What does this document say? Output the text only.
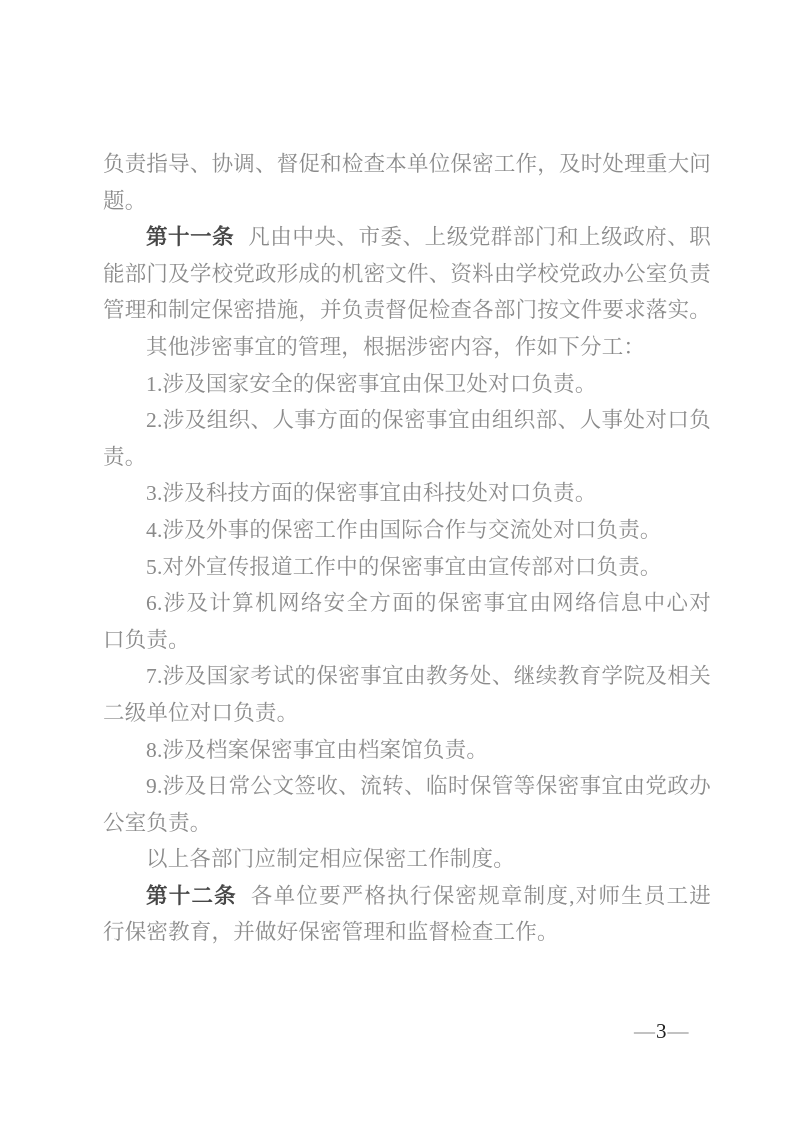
负责指导、协调、督促和检查本单位保密工作，及时处理重大问
题。
第十一条 凡由中央、市委、上级党群部门和上级政府、职
能部门及学校党政形成的机密文件、资料由学校党政办公室负责
管理和制定保密措施，并负责督促检查各部门按文件要求落实。
其他涉密事宜的管理，根据涉密内容，作如下分工：
1.涉及国家安全的保密事宜由保卫处对口负责。
2.涉及组织、人事方面的保密事宜由组织部、人事处对口负
责。
3.涉及科技方面的保密事宜由科技处对口负责。
4.涉及外事的保密工作由国际合作与交流处对口负责。
5.对外宣传报道工作中的保密事宜由宣传部对口负责。
6.涉及计算机网络安全方面的保密事宜由网络信息中心对
口负责。
7.涉及国家考试的保密事宜由教务处、继续教育学院及相关
二级单位对口负责。
8.涉及档案保密事宜由档案馆负责。
9.涉及日常公文签收、流转、临时保管等保密事宜由党政办
公室负责。
以上各部门应制定相应保密工作制度。
第十二条 各单位要严格执行保密规章制度,对师生员工进
行保密教育，并做好保密管理和监督检查工作。
—3—
